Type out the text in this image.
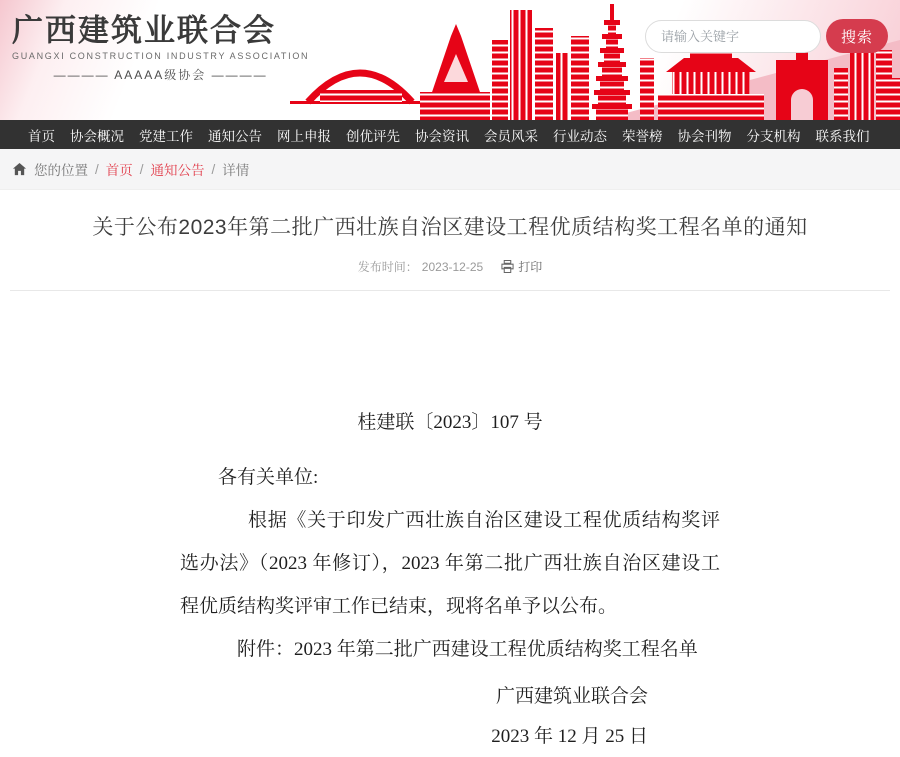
广西建筑业联合会
GUANGXI CONSTRUCTION INDUSTRY ASSOCIATION
———— AAAAA级协会 ————
请输入关键字
搜索
首页 协会概况 党建工作 通知公告 网上申报 创优评先 协会资讯 会员风采 行业动态 荣誉榜 协会刊物 分支机构 联系我们
您的位置 / 首页 / 通知公告 / 详情
关于公布2023年第二批广西壮族自治区建设工程优质结构奖工程名单的通知
发布时间： 2023-12-25	打印
桂建联〔2023〕107 号
各有关单位:
根据《关于印发广西壮族自治区建设工程优质结构奖评选办法》（2023 年修订），2023 年第二批广西壮族自治区建设工程优质结构奖评审工作已结束，现将名单予以公布。
附件：2023 年第二批广西建设工程优质结构奖工程名单
广西建筑业联合会
2023 年 12 月 25 日
